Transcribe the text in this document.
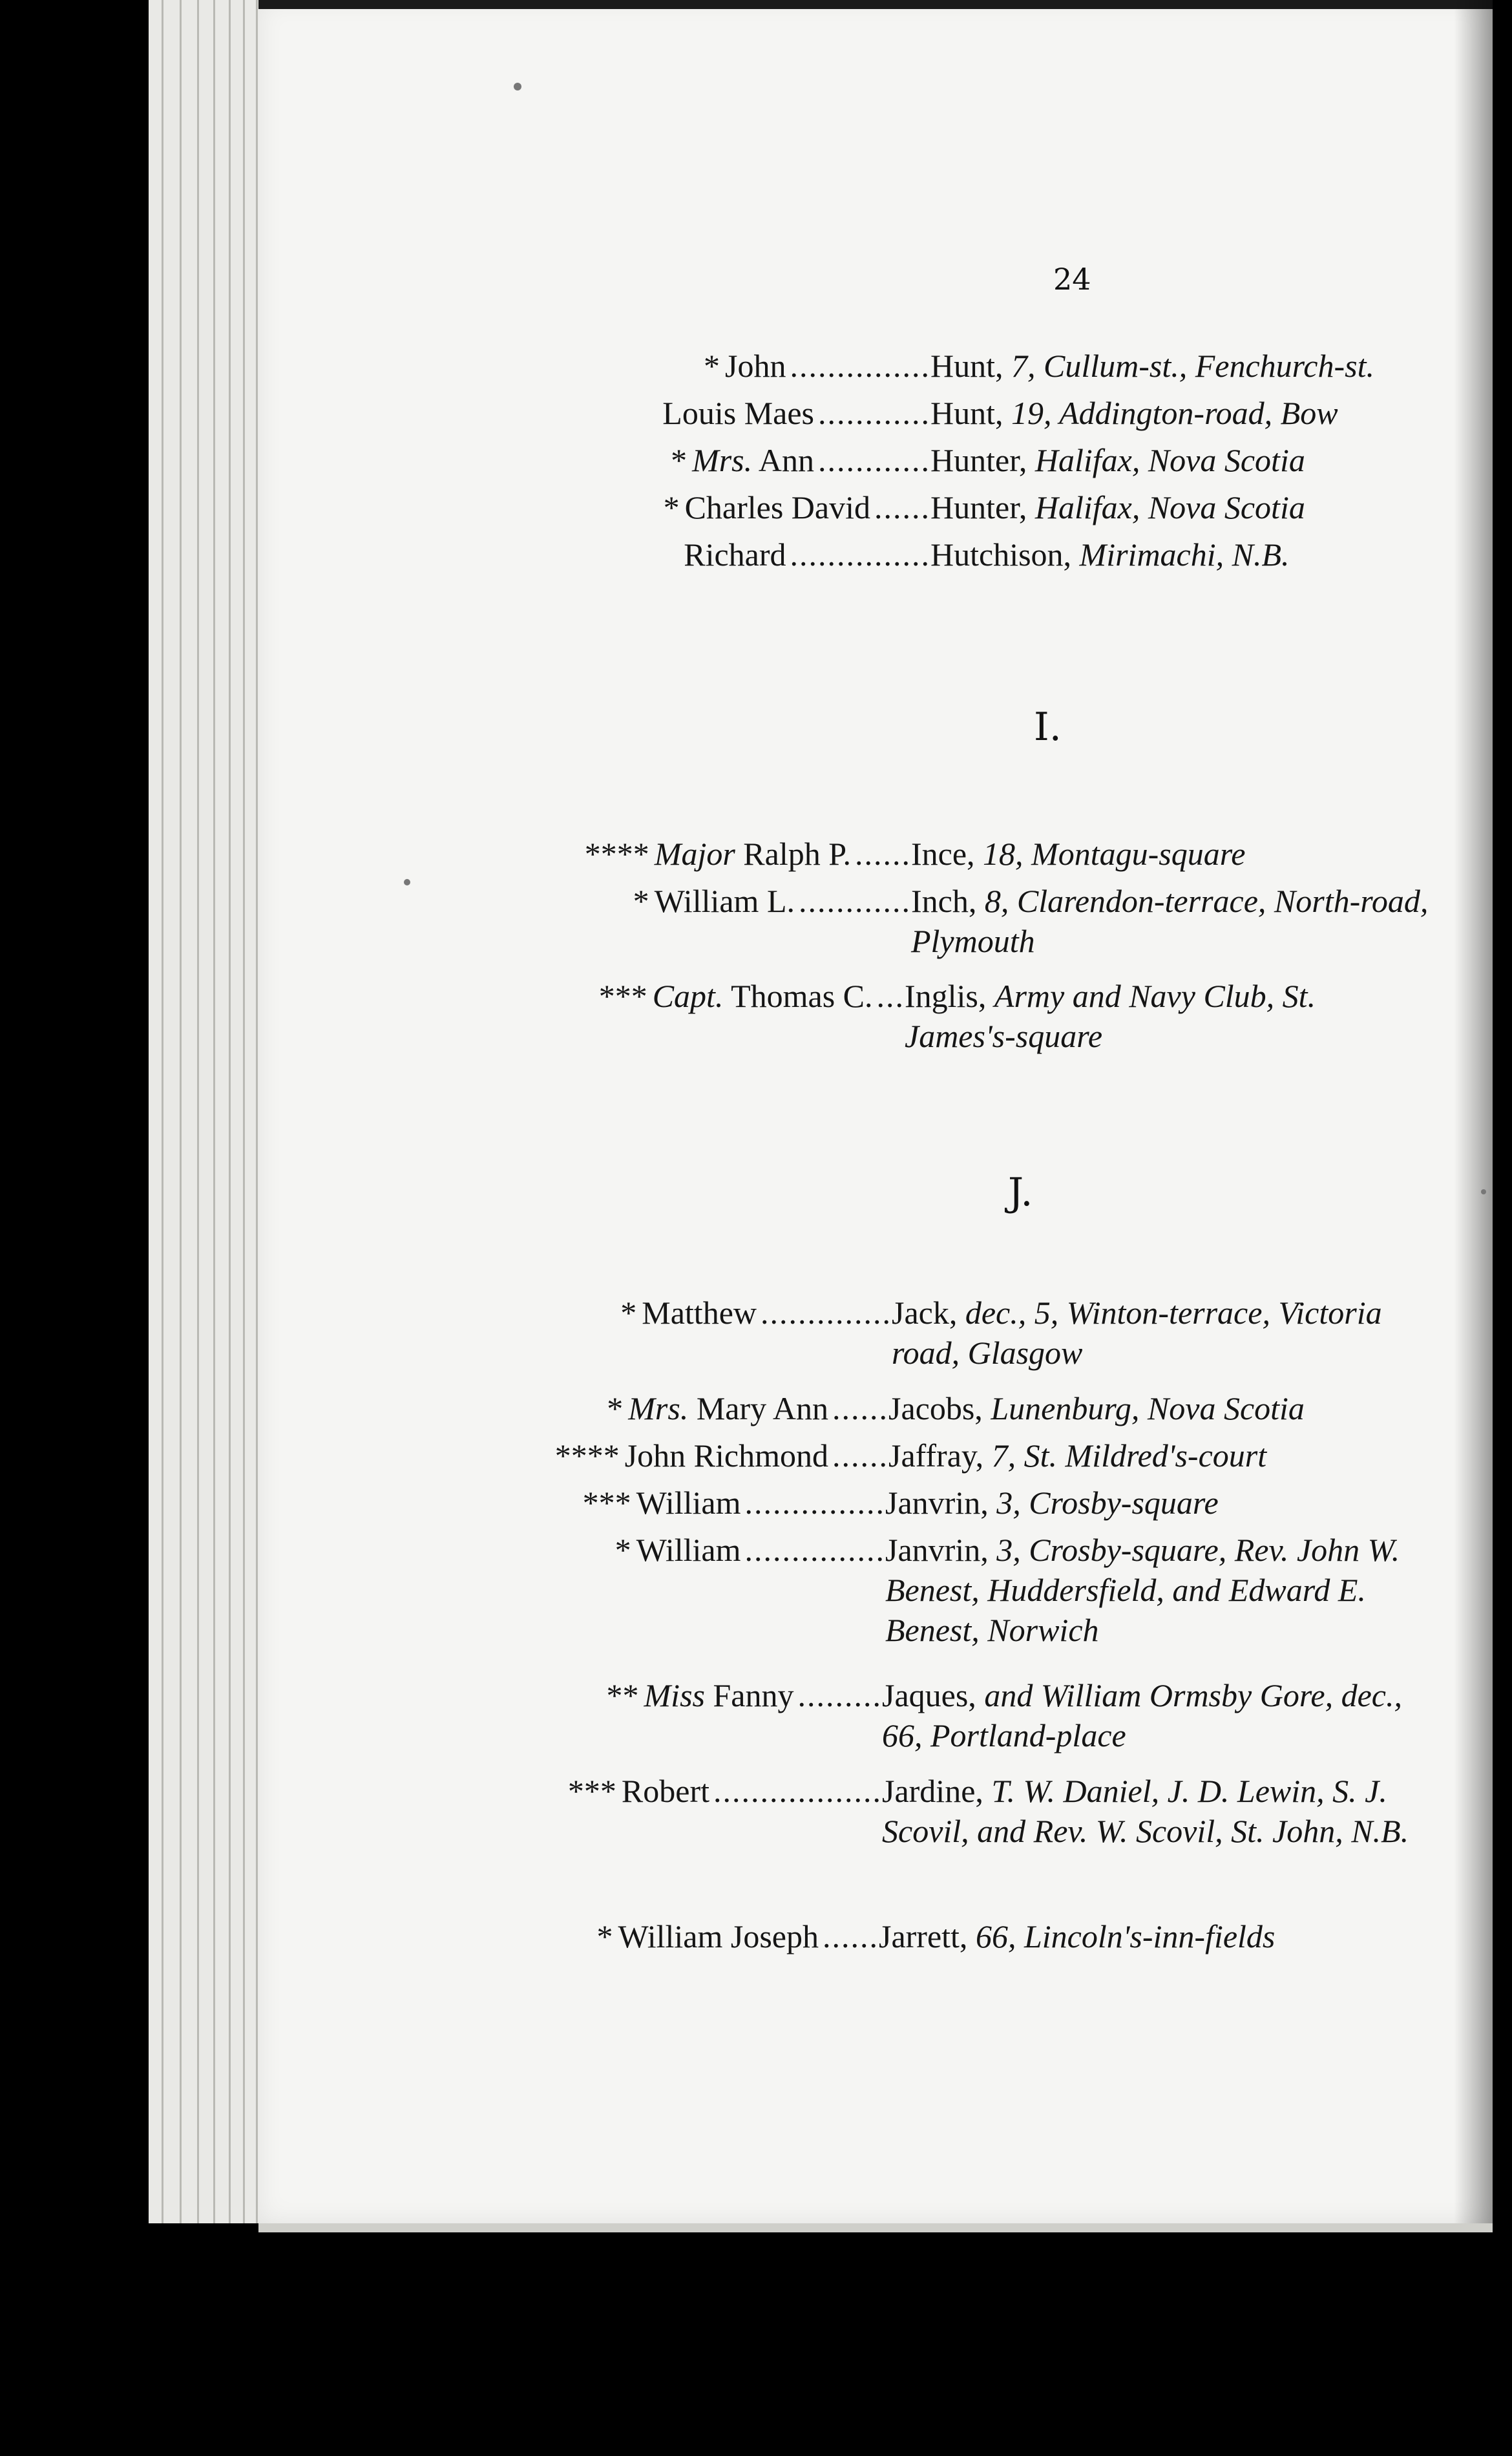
24
* John ............... Hunt, 7, Cullum-st., Fenchurch-st.
Louis Maes ............ Hunt, 19, Addington-road, Bow
* Mrs. Ann ............ Hunter, Halifax, Nova Scotia
* Charles David ...... Hunter, Halifax, Nova Scotia
Richard ............... Hutchison, Mirimachi, N.B.
I.
**** Major Ralph P. ...... Ince, 18, Montagu-square
* William L. ............ Inch, 8, Clarendon-terrace, North-road, Plymouth
*** Capt. Thomas C. ... Inglis, Army and Navy Club, St. James's-square
J.
* Matthew .............. Jack, dec., 5, Winton-terrace, Victoria road, Glasgow
* Mrs. Mary Ann ...... Jacobs, Lunenburg, Nova Scotia
**** John Richmond ...... Jaffray, 7, St. Mildred's-court
*** William ............... Janvrin, 3, Crosby-square
* William ............... Janvrin, 3, Crosby-square, Rev. John W. Benest, Huddersfield, and Edward E. Benest, Norwich
** Miss Fanny ......... Jaques, and William Ormsby Gore, dec., 66, Portland-place
*** Robert .................. Jardine, T. W. Daniel, J. D. Lewin, S. J. Scovil, and Rev. W. Scovil, St. John, N.B.
* William Joseph ...... Jarrett, 66, Lincoln's-inn-fields
